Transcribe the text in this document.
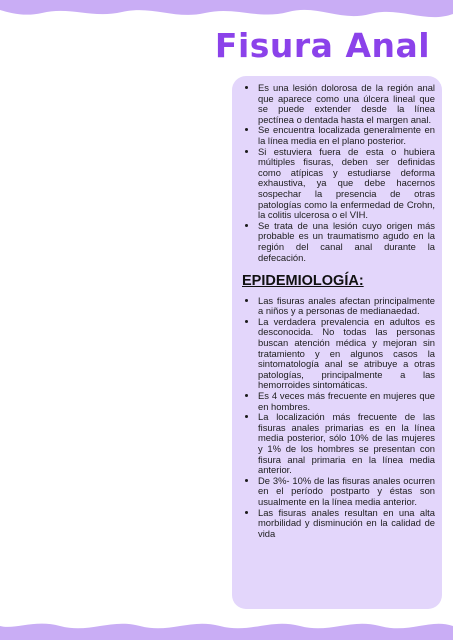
Fisura Anal
• Es una lesión dolorosa de la región anal que aparece como una úlcera lineal que se puede extender desde la línea pectínea o dentada hasta el margen anal.
• Se encuentra localizada generalmente en la línea media en el plano posterior.
• Si estuviera fuera de esta o hubiera múltiples fisuras, deben ser definidas como atípicas y estudiarse deforma exhaustiva, ya que debe hacernos sospechar la presencia de otras patologías como la enfermedad de Crohn, la colitis ulcerosa o el VIH.
• Se trata de una lesión cuyo origen más probable es un traumatismo agudo en la región del canal anal durante la defecación.
EPIDEMIOLOGÍA:
• Las fisuras anales afectan principalmente a niños y a personas de medianaedad.
• La verdadera prevalencia en adultos es desconocida. No todas las personas buscan atención médica y mejoran sin tratamiento y en algunos casos la sintomatología anal se atribuye a otras patologías, principalmente a las hemorroides sintomáticas.
• Es 4 veces más frecuente en mujeres que en hombres.
• La localización más frecuente de las fisuras anales primarias es en la línea media posterior, sólo 10% de las mujeres y 1% de los hombres se presentan con fisura anal primaria en la línea media anterior.
• De 3%- 10% de las fisuras anales ocurren en el período postparto y éstas son usualmente en la línea media anterior.
• Las fisuras anales resultan en una alta morbilidad y disminución en la calidad de vida
